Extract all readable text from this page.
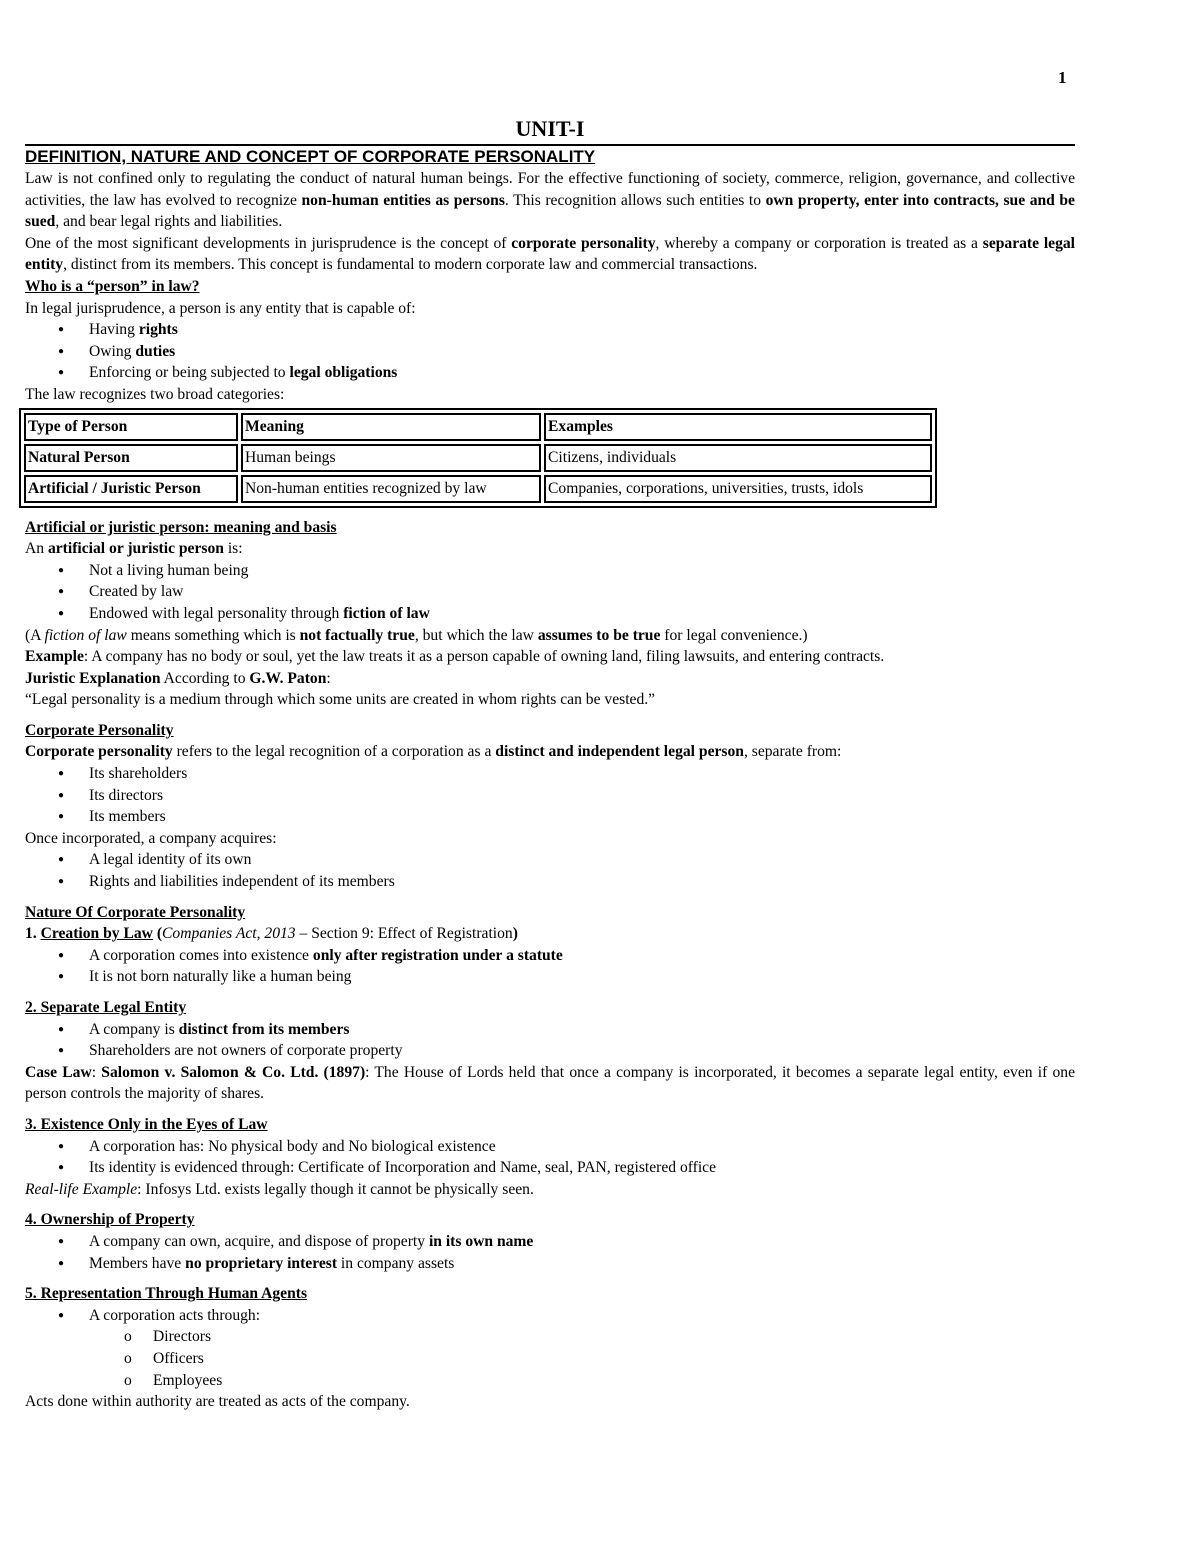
1
UNIT-I
DEFINITION, NATURE AND CONCEPT OF CORPORATE PERSONALITY

Law is not confined only to regulating the conduct of natural human beings. For the effective functioning of society, commerce, religion, governance, and collective activities, the law has evolved to recognize non-human entities as persons. This recognition allows such entities to own property, enter into contracts, sue and be sued, and bear legal rights and liabilities.

One of the most significant developments in jurisprudence is the concept of corporate personality, whereby a company or corporation is treated as a separate legal entity, distinct from its members. This concept is fundamental to modern corporate law and commercial transactions.

Who is a “person” in law?

In legal jurisprudence, a person is any entity that is capable of:

● Having rights
● Owing duties
● Enforcing or being subjected to legal obligations

The law recognizes two broad categories:

Type of Person	Meaning	Examples
Natural Person	Human beings	Citizens, individuals
Artificial / Juristic Person	Non-human entities recognized by law	Companies, corporations, universities, trusts, idols

Artificial or juristic person: meaning and basis

An artificial or juristic person is:

● Not a living human being
● Created by law
● Endowed with legal personality through fiction of law

(A fiction of law means something which is not factually true, but which the law assumes to be true for legal convenience.)

Example: A company has no body or soul, yet the law treats it as a person capable of owning land, filing lawsuits, and entering contracts.

Juristic Explanation According to G.W. Paton:

“Legal personality is a medium through which some units are created in whom rights can be vested.”

Corporate Personality

Corporate personality refers to the legal recognition of a corporation as a distinct and independent legal person, separate from:

● Its shareholders
● Its directors
● Its members

Once incorporated, a company acquires:

● A legal identity of its own
● Rights and liabilities independent of its members

Nature Of Corporate Personality

1. Creation by Law (Companies Act, 2013 – Section 9: Effect of Registration)

● A corporation comes into existence only after registration under a statute
● It is not born naturally like a human being

2. Separate Legal Entity

● A company is distinct from its members
● Shareholders are not owners of corporate property

Case Law: Salomon v. Salomon & Co. Ltd. (1897): The House of Lords held that once a company is incorporated, it becomes a separate legal entity, even if one person controls the majority of shares.

3. Existence Only in the Eyes of Law

● A corporation has: No physical body and No biological existence
● Its identity is evidenced through: Certificate of Incorporation and Name, seal, PAN, registered office

Real-life Example: Infosys Ltd. exists legally though it cannot be physically seen.

4. Ownership of Property

● A company can own, acquire, and dispose of property in its own name
● Members have no proprietary interest in company assets

5. Representation Through Human Agents

● A corporation acts through:
o Directors
o Officers
o Employees

Acts done within authority are treated as acts of the company.
